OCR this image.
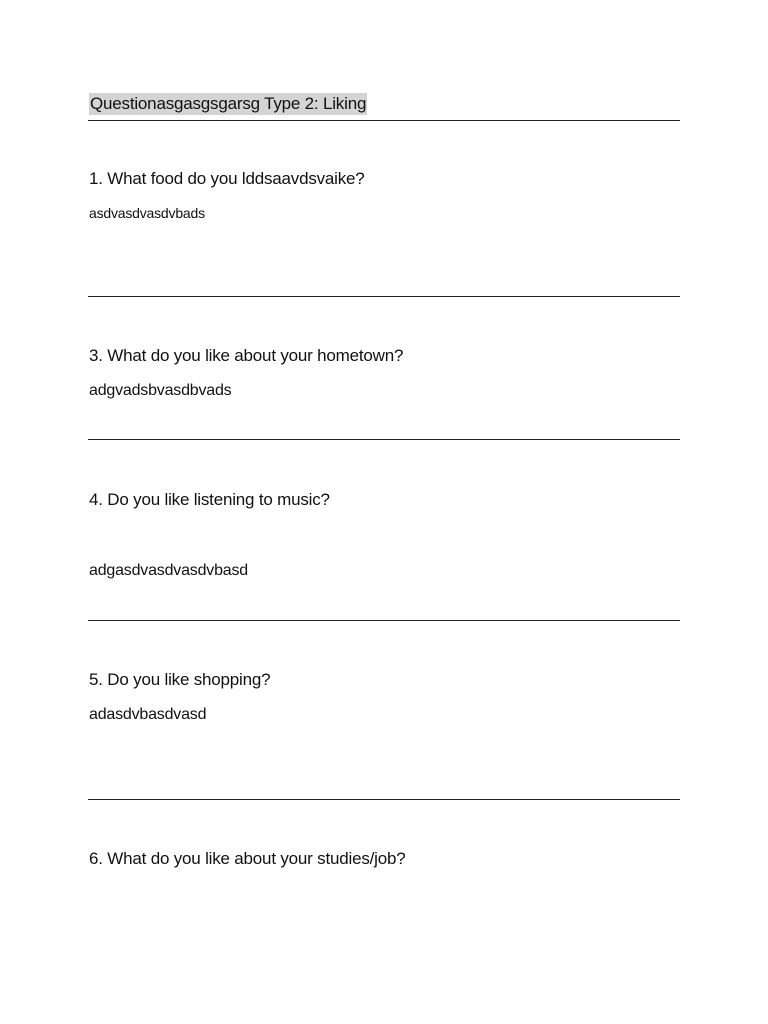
Questionasgasgsgarsg Type 2: Liking
1. What food do you lddsaavdsvaike?
asdvasdvasdvbads
3. What do you like about your hometown?
adgvadsbvasdbvads
4. Do you like listening to music?
adgasdvasdvasdvbasd
5. Do you like shopping?
adasdvbasdvasd
6. What do you like about your studies/job?
